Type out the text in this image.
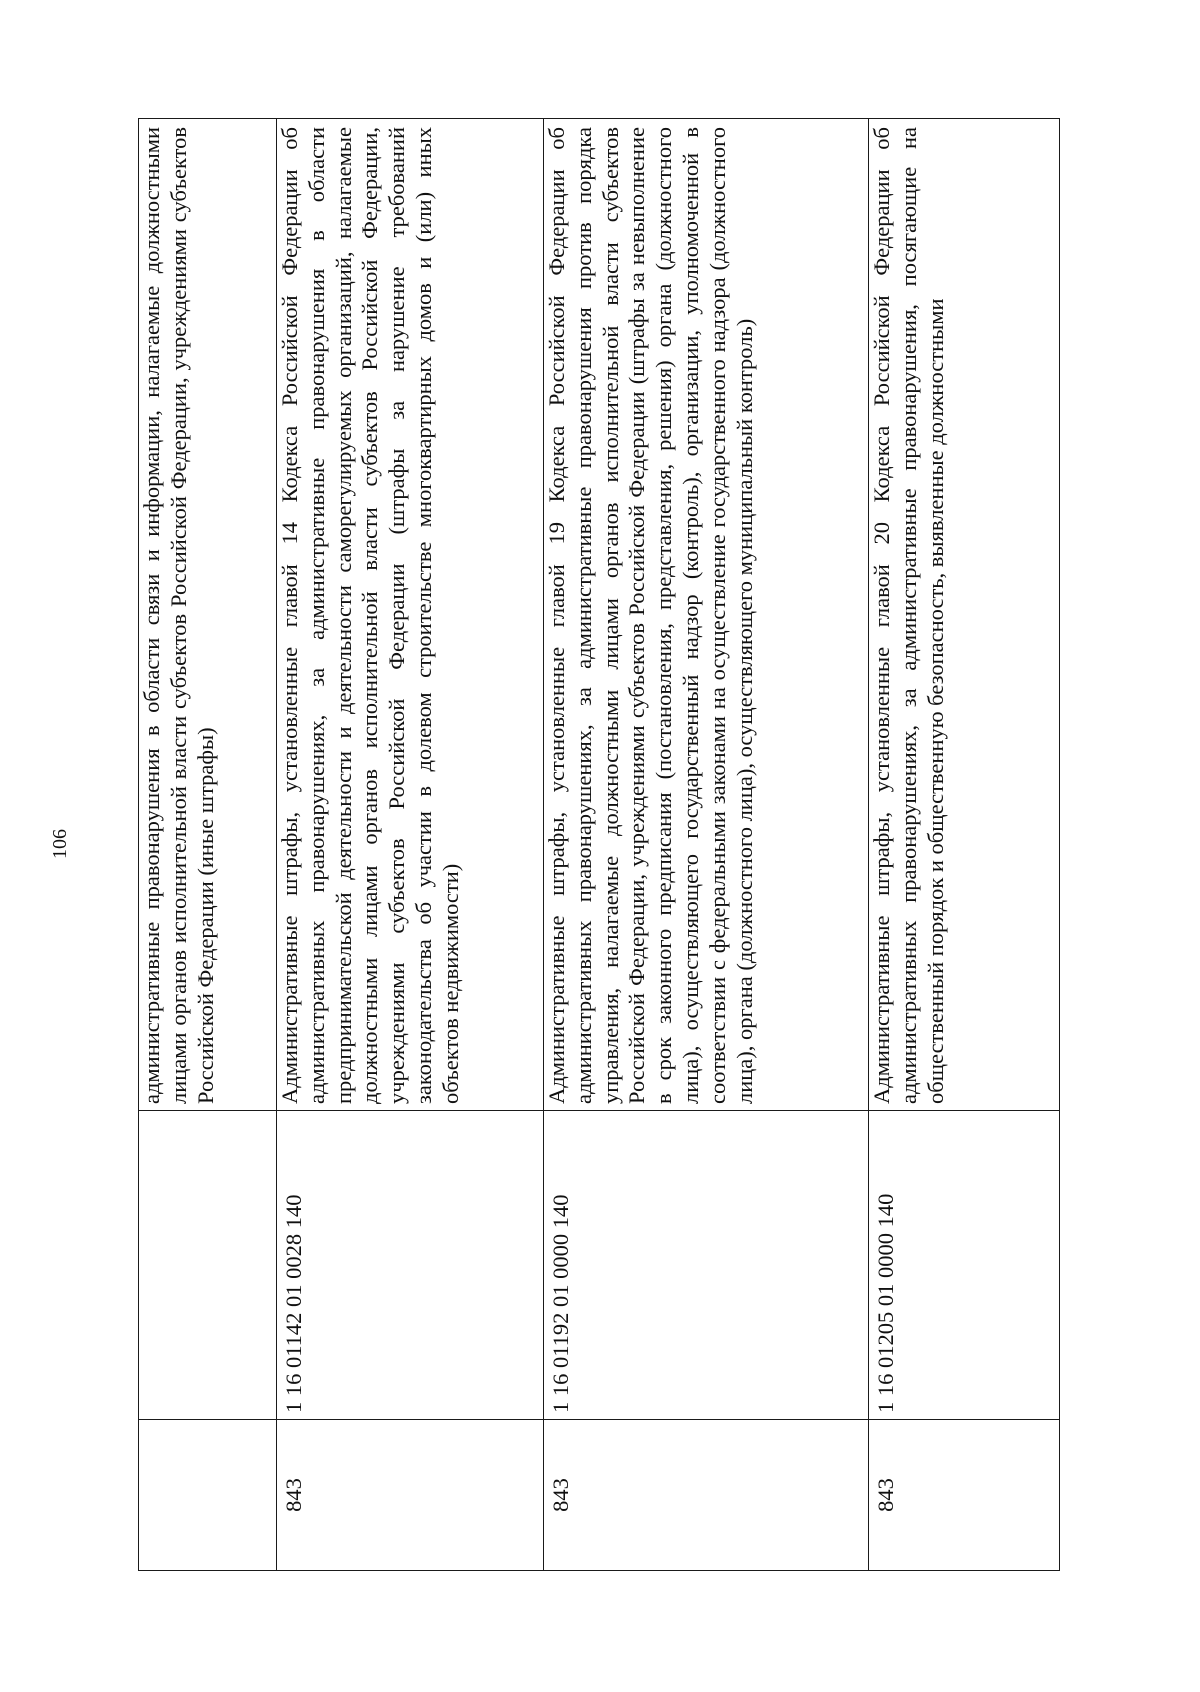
106
			административные правонарушения в области связи и информации, налагаемые должностными лицами органов исполнительной власти субъектов Российской Федерации, учреждениями субъектов Российской Федерации (иные штрафы)
843	1 16 01142 01 0028 140	Административные штрафы, установленные главой 14 Кодекса Российской Федерации об административных правонарушениях, за административные правонарушения в области предпринимательской деятельности и деятельности саморегулируемых организаций, налагаемые должностными лицами органов исполнительной власти субъектов Российской Федерации, учреждениями субъектов Российской Федерации (штрафы за нарушение требований законодательства об участии в долевом строительстве многоквартирных домов и (или) иных объектов недвижимости)
843	1 16 01192 01 0000 140	Административные штрафы, установленные главой 19 Кодекса Российской Федерации об административных правонарушениях, за административные правонарушения против порядка управления, налагаемые должностными лицами органов исполнительной власти субъектов Российской Федерации, учреждениями субъектов Российской Федерации (штрафы за невыполнение в срок законного предписания (постановления, представления, решения) органа (должностного лица), осуществляющего государственный надзор (контроль), организации, уполномоченной в соответствии с федеральными законами на осуществление государственного надзора (должностного лица), органа (должностного лица), осуществляющего муниципальный контроль)
843	1 16 01205 01 0000 140	Административные штрафы, установленные главой 20 Кодекса Российской Федерации об административных правонарушениях, за административные правонарушения, посягающие на общественный порядок и общественную безопасность, выявленные должностными
